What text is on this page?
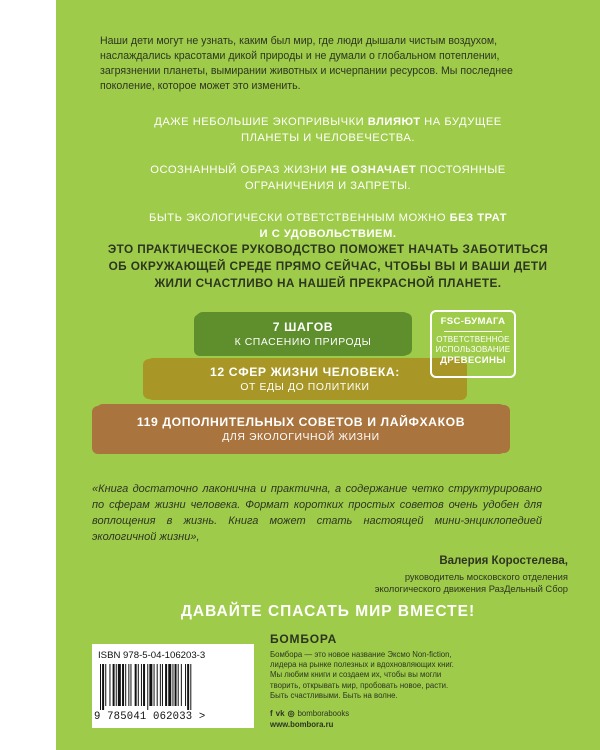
Наши дети могут не узнать, каким был мир, где люди дышали чистым воздухом, наслаждались красотами дикой природы и не думали о глобальном потеплении, загрязнении планеты, вымирании животных и исчерпании ресурсов. Мы последнее поколение, которое может это изменить.

ДАЖЕ НЕБОЛЬШИЕ ЭКОПРИВЫЧКИ ВЛИЯЮТ НА БУДУЩЕЕ
ПЛАНЕТЫ И ЧЕЛОВЕЧЕСТВА.
ОСОЗНАННЫЙ ОБРАЗ ЖИЗНИ НЕ ОЗНАЧАЕТ ПОСТОЯННЫЕ
ОГРАНИЧЕНИЯ И ЗАПРЕТЫ.
БЫТЬ ЭКОЛОГИЧЕСКИ ОТВЕТСТВЕННЫМ МОЖНО БЕЗ ТРАТ
И С УДОВОЛЬСТВИЕМ.
ЭТО ПРАКТИЧЕСКОЕ РУКОВОДСТВО ПОМОЖЕТ НАЧАТЬ ЗАБОТИТЬСЯ
ОБ ОКРУЖАЮЩЕЙ СРЕДЕ ПРЯМО СЕЙЧАС, ЧТОБЫ ВЫ И ВАШИ ДЕТИ
ЖИЛИ СЧАСТЛИВО НА НАШЕЙ ПРЕКРАСНОЙ ПЛАНЕТЕ.
7 ШАГОВ
К СПАСЕНИЮ ПРИРОДЫ
12 СФЕР ЖИЗНИ ЧЕЛОВЕКА:
ОТ ЕДЫ ДО ПОЛИТИКИ
119 ДОПОЛНИТЕЛЬНЫХ СОВЕТОВ И ЛАЙФХАКОВ
ДЛЯ ЭКОЛОГИЧНОЙ ЖИЗНИ
FSC-БУМАГА
ОТВЕТСТВЕННОЕ
ИСПОЛЬЗОВАНИЕ
ДРЕВЕСИНЫ

«Книга достаточно лаконична и практична, а содержание четко структурировано по сферам жизни человека. Формат коротких простых советов очень удобен для воплощения в жизнь. Книга может стать настоящей мини-энциклопедией экологичной жизни»,

Валерия Коростелева,
руководитель московского отделения
экологического движения РазДельный Сбор
ДАВАЙТЕ СПАСАТЬ МИР ВМЕСТЕ!
ISBN 978-5-04-106203-3
9 785041 062033 >
БОМБОРА
Бомбора — это новое название Эксмо Non-fiction,
лидера на рынке полезных и вдохновляющих книг.
Мы любим книги и создаем их, чтобы вы могли
творить, открывать мир, пробовать новое, расти.
Быть счастливыми. Быть на волне.
f vk ◎ bomborabooks
www.bombora.ru
